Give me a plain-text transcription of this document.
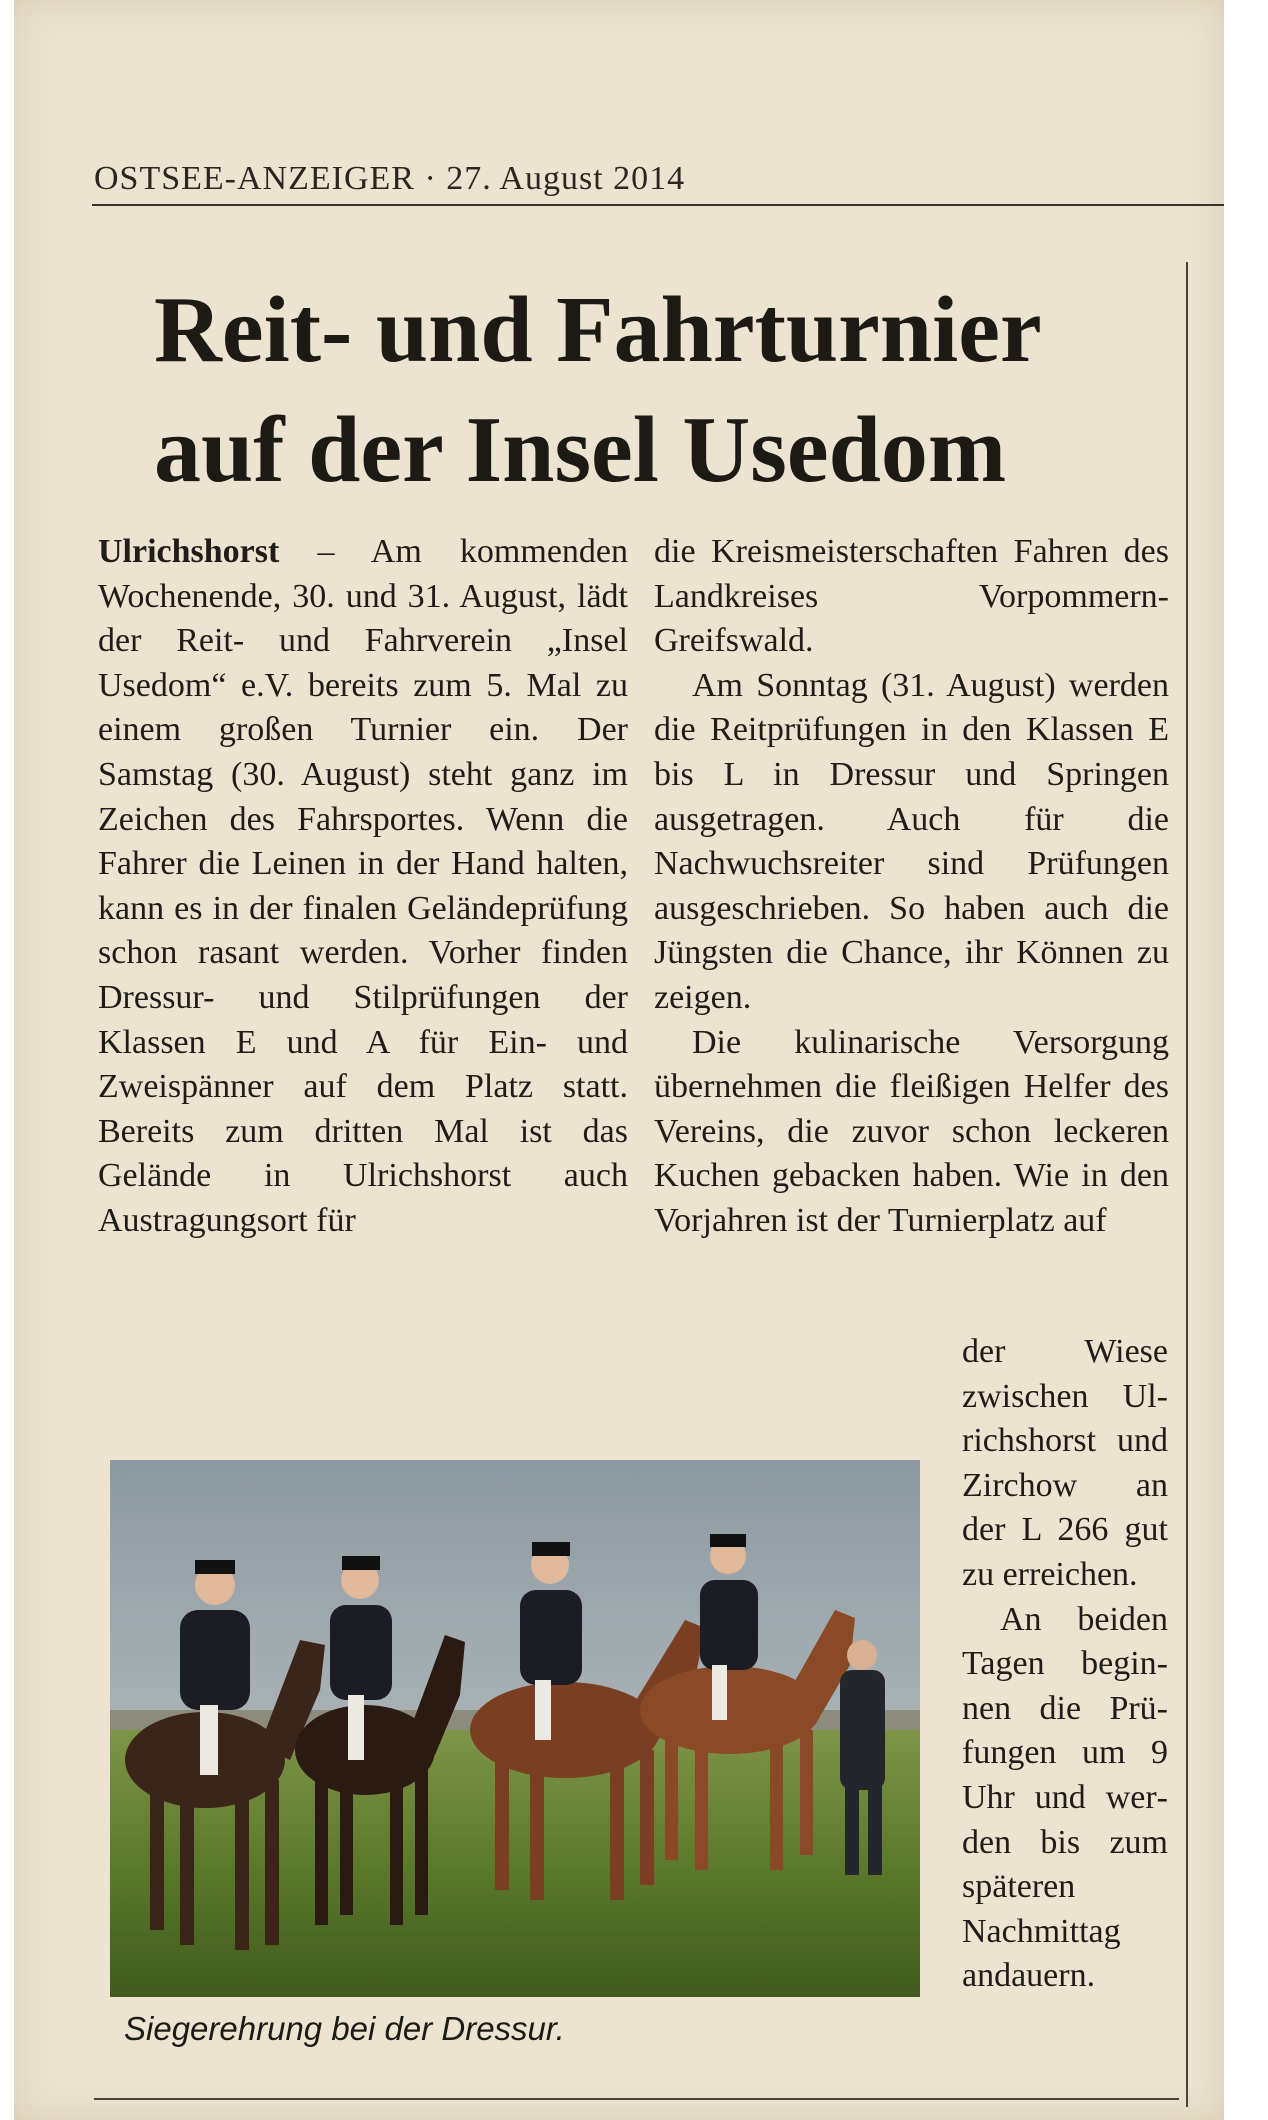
OSTSEE-ANZEIGER · 27. August 2014
Reit- und Fahrturnier
auf der Insel Usedom

Ulrichshorst – Am kommenden Wochenende, 30. und 31. August, lädt der Reit- und Fahrverein „Insel Usedom“ e.V. bereits zum 5. Mal zu einem großen Turnier ein. Der Samstag (30. August) steht ganz im Zeichen des Fahrsportes. Wenn die Fahrer die Leinen in der Hand halten, kann es in der finalen Geländeprüfung schon rasant werden. Vorher finden Dressur- und Stilprüfungen der Klassen E und A für Ein- und Zweispänner auf dem Platz statt. Bereits zum dritten Mal ist das Gelände in Ulrichshorst auch Austragungsort für

die Kreismeisterschaften Fahren des Landkreises Vorpommern- Greifswald.

Am Sonntag (31. August) werden die Reitprüfungen in den Klassen E bis L in Dressur und Springen ausgetragen. Auch für die Nachwuchsreiter sind Prüfungen ausgeschrieben. So haben auch die Jüngsten die Chance, ihr Können zu zeigen.

Die kulinarische Versorgung übernehmen die fleißigen Helfer des Vereins, die zuvor schon leckeren Kuchen gebacken haben. Wie in den Vorjahren ist der Turnierplatz auf

der Wiese zwischen Ulrichshorst und Zirchow an der L 266 gut zu erreichen.

An beiden Tagen beginnen die Prüfungen um 9 Uhr und werden bis zum späteren Nachmittag andauern.

Siegerehrung bei der Dressur.
